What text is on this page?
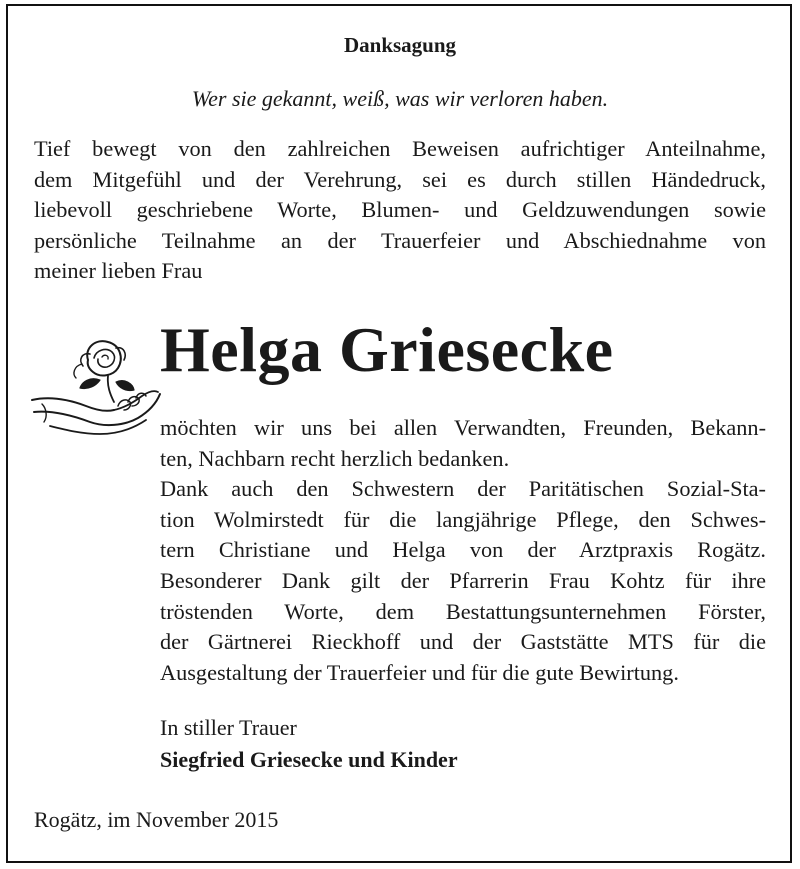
Danksagung
Wer sie gekannt, weiß, was wir verloren haben.
Tief bewegt von den zahlreichen Beweisen aufrichtiger Anteilnahme,
dem Mitgefühl und der Verehrung, sei es durch stillen Händedruck,
liebevoll geschriebene Worte, Blumen- und Geldzuwendungen sowie
persönliche Teilnahme an der Trauerfeier und Abschiednahme von
meiner lieben Frau
Helga Griesecke
möchten wir uns bei allen Verwandten, Freunden, Bekann-
ten, Nachbarn recht herzlich bedanken.
Dank auch den Schwestern der Paritätischen Sozial-Sta-
tion Wolmirstedt für die langjährige Pflege, den Schwes-
tern Christiane und Helga von der Arztpraxis Rogätz.
Besonderer Dank gilt der Pfarrerin Frau Kohtz für ihre
tröstenden Worte, dem Bestattungsunternehmen Förster,
der Gärtnerei Rieckhoff und der Gaststätte MTS für die
Ausgestaltung der Trauerfeier und für die gute Bewirtung.
In stiller Trauer
Siegfried Griesecke und Kinder
Rogätz, im November 2015
